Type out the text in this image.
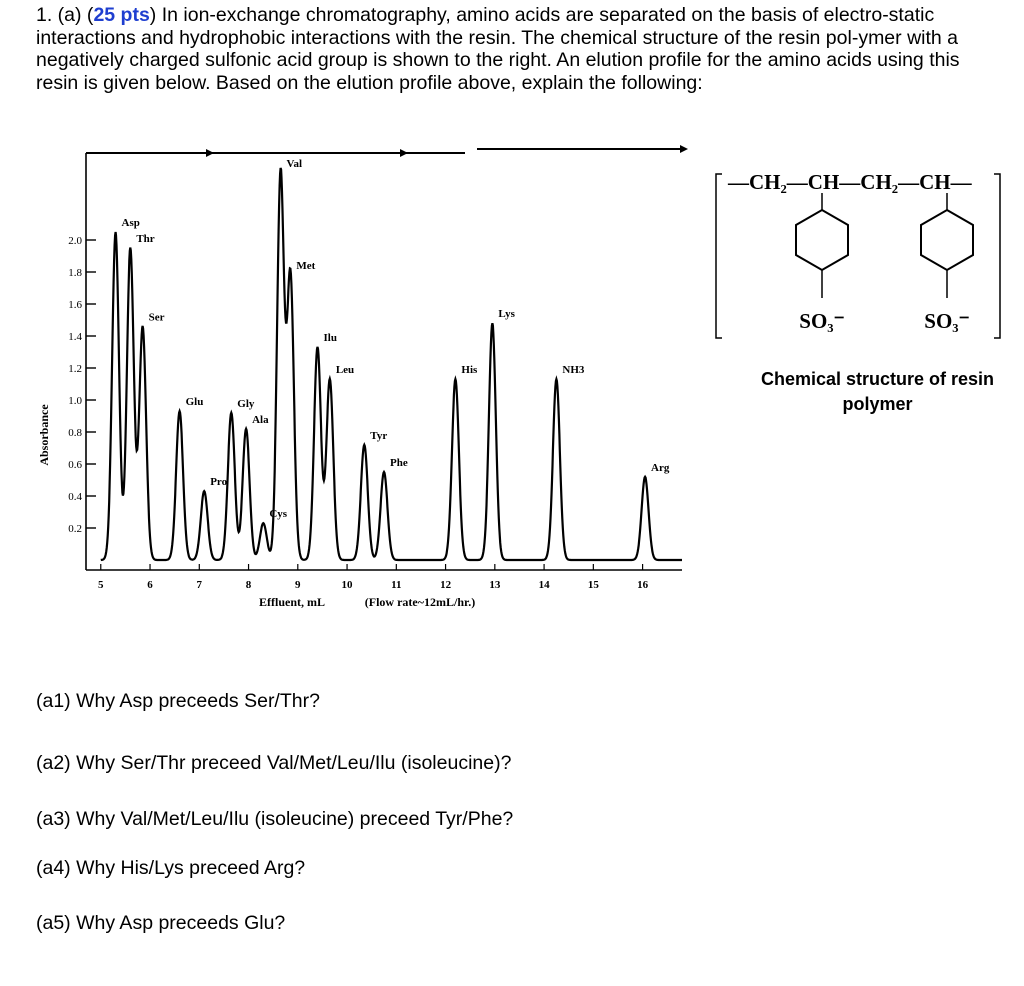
1. (a) (25 pts) In ion-exchange chromatography, amino acids are separated on the basis of electro-static interactions and hydrophobic interactions with the resin. The chemical structure of the resin pol-ymer with a negatively charged sulfonic acid group is shown to the right. An elution profile for the amino acids using this resin is given below. Based on the elution profile above, explain the following:

0.2
0.4
0.6
0.8
1.0
1.2
1.4
1.6
1.8
2.0
5	6	7	8	9	10	11	12	13	14	15	16
Asp
Thr
Ser
Glu
Pro
Gly
Ala
Cys
Val
Met
Ilu
Leu
Tyr
Phe
His
Lys
NH3
Arg
Absorbance
Effluent, mL	(Flow rate~12mL/hr.)
—CH₂—CH—CH₂—CH—
SO₃⁻	SO₃⁻
Chemical structure of resin polymer

(a1) Why Asp preceeds Ser/Thr?

(a2) Why Ser/Thr preceed Val/Met/Leu/Ilu (isoleucine)?

(a3) Why Val/Met/Leu/Ilu (isoleucine) preceed Tyr/Phe?

(a4) Why His/Lys preceed Arg?

(a5) Why Asp preceeds Glu?
